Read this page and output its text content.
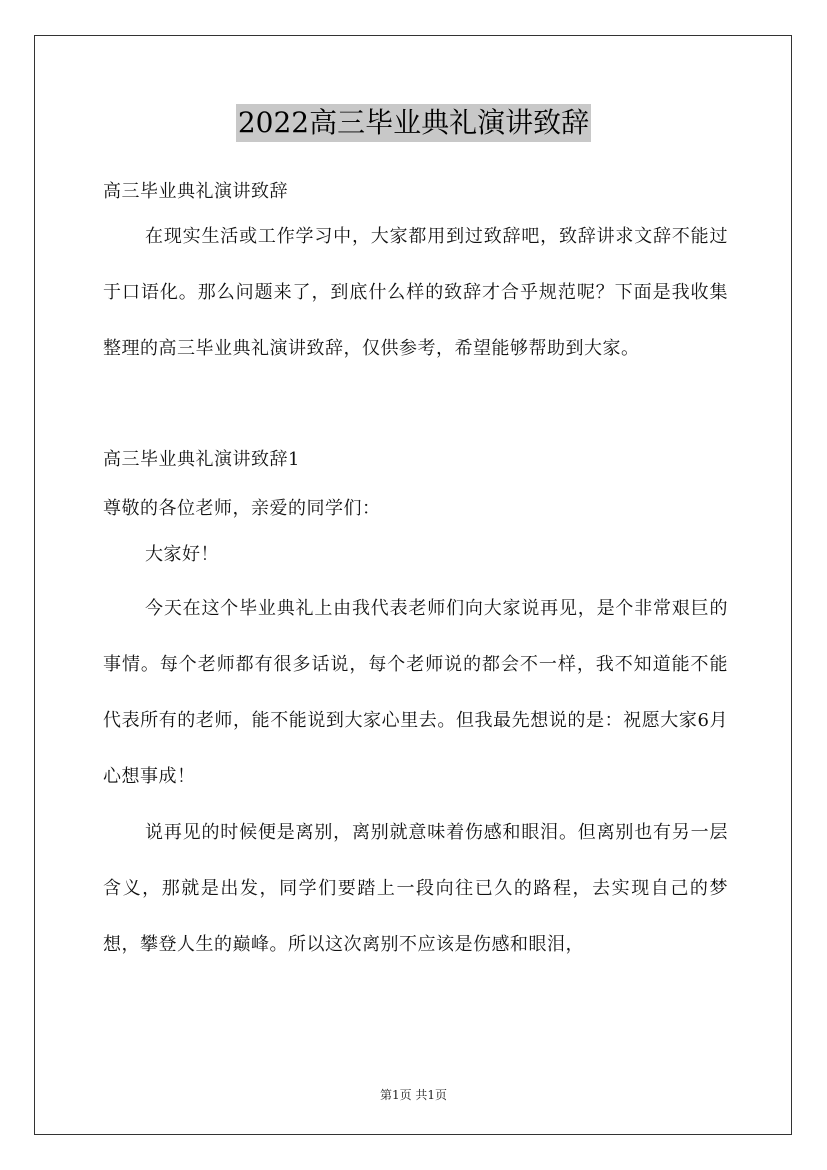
2022高三毕业典礼演讲致辞

高三毕业典礼演讲致辞

在现实生活或工作学习中，大家都用到过致辞吧，致辞讲求文辞不能过于口语化。那么问题来了，到底什么样的致辞才合乎规范呢？下面是我收集整理的高三毕业典礼演讲致辞，仅供参考，希望能够帮助到大家。

高三毕业典礼演讲致辞1

尊敬的各位老师，亲爱的同学们：

大家好！

今天在这个毕业典礼上由我代表老师们向大家说再见，是个非常艰巨的事情。每个老师都有很多话说，每个老师说的都会不一样，我不知道能不能代表所有的老师，能不能说到大家心里去。但我最先想说的是：祝愿大家6月心想事成！

说再见的时候便是离别，离别就意味着伤感和眼泪。但离别也有另一层含义，那就是出发，同学们要踏上一段向往已久的路程，去实现自己的梦想，攀登人生的巅峰。所以这次离别不应该是伤感和眼泪，

第1页 共1页
